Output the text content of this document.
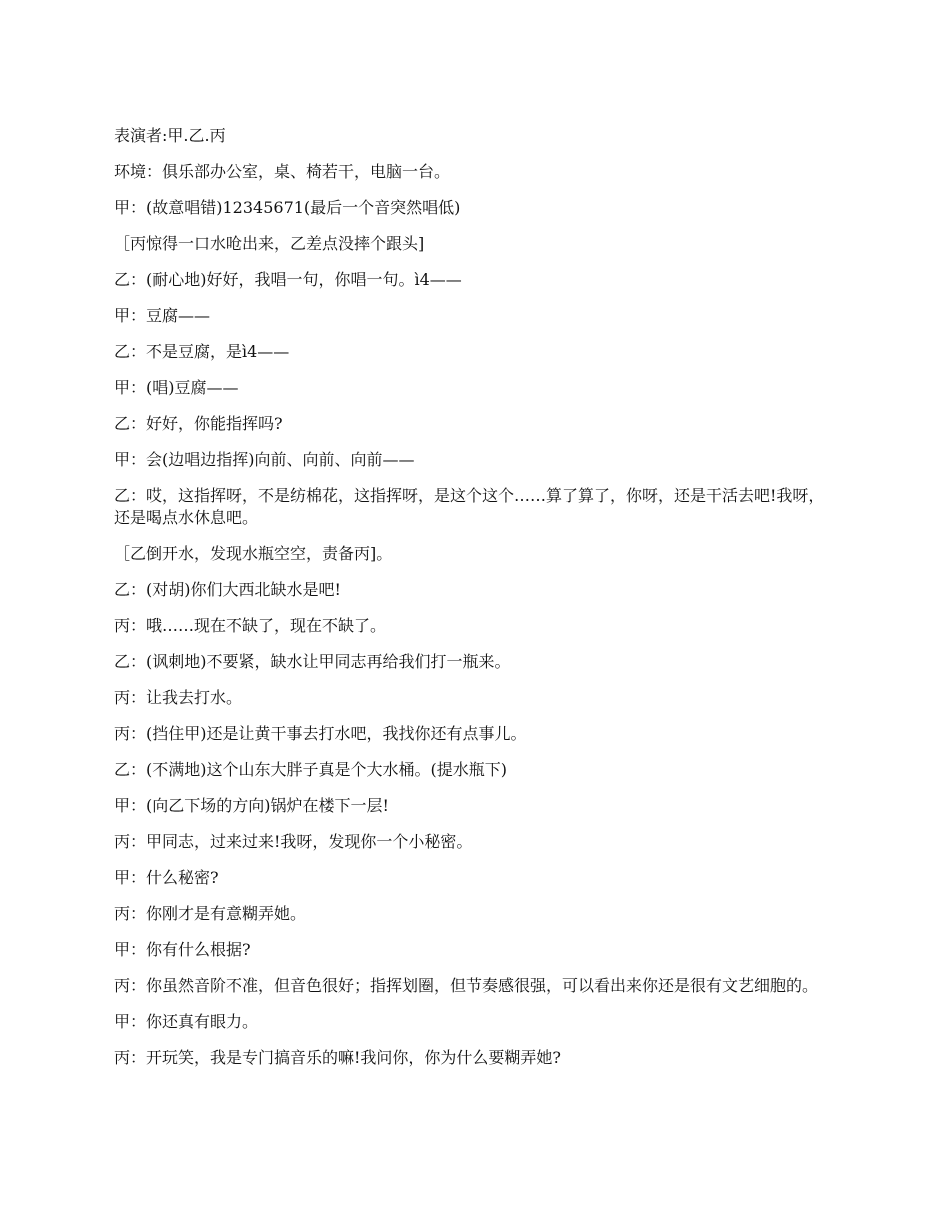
表演者:甲.乙.丙

环境：俱乐部办公室，桌、椅若干，电脑一台。

甲：(故意唱错)12345671(最后一个音突然唱低)

［丙惊得一口水呛出来，乙差点没摔个跟头]

乙：(耐心地)好好，我唱一句，你唱一句。ì4——

甲：豆腐——

乙：不是豆腐，是ì4——

甲：(唱)豆腐——

乙：好好，你能指挥吗?

甲：会(边唱边指挥)向前、向前、向前——

乙：哎，这指挥呀，不是纺棉花，这指挥呀，是这个这个……算了算了，你呀，还是干活去吧!我呀，还是喝点水休息吧。

［乙倒开水，发现水瓶空空，责备丙]。

乙：(对胡)你们大西北缺水是吧!

丙：哦……现在不缺了，现在不缺了。

乙：(讽刺地)不要紧，缺水让甲同志再给我们打一瓶来。

丙：让我去打水。

丙：(挡住甲)还是让黄干事去打水吧，我找你还有点事儿。

乙：(不满地)这个山东大胖子真是个大水桶。(提水瓶下)

甲：(向乙下场的方向)锅炉在楼下一层!

丙：甲同志，过来过来!我呀，发现你一个小秘密。

甲：什么秘密?

丙：你刚才是有意糊弄她。

甲：你有什么根据?

丙：你虽然音阶不准，但音色很好；指挥划圈，但节奏感很强，可以看出来你还是很有文艺细胞的。

甲：你还真有眼力。

丙：开玩笑，我是专门搞音乐的嘛!我问你，你为什么要糊弄她?
